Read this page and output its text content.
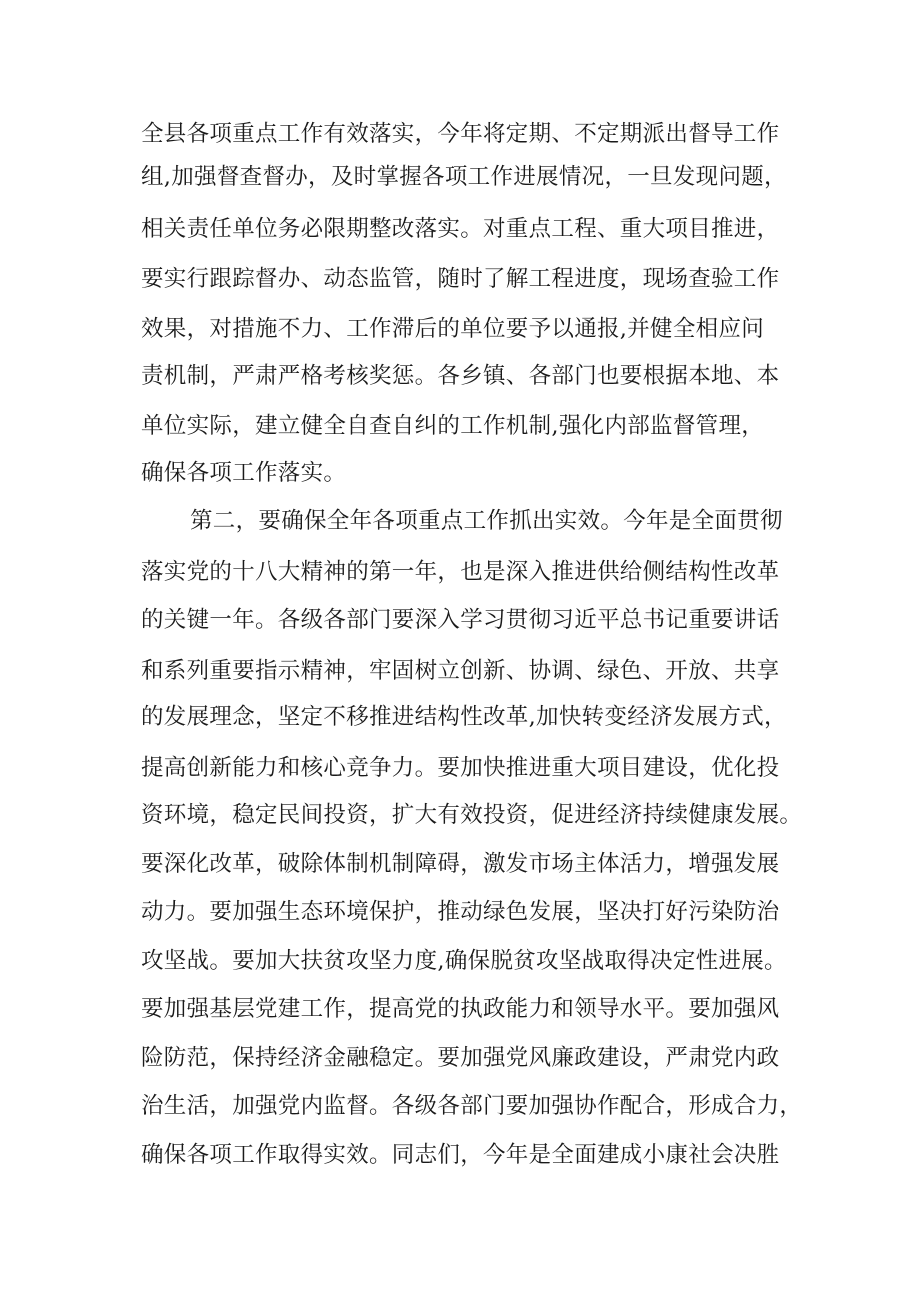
全县各项重点工作有效落实，今年将定期、不定期派出督导工作
组,加强督查督办，及时掌握各项工作进展情况，一旦发现问题，
相关责任单位务必限期整改落实。对重点工程、重大项目推进，
要实行跟踪督办、动态监管，随时了解工程进度，现场查验工作
效果，对措施不力、工作滞后的单位要予以通报,并健全相应问
责机制，严肃严格考核奖惩。各乡镇、各部门也要根据本地、本
单位实际，建立健全自查自纠的工作机制,强化内部监督管理，
确保各项工作落实。
第二，要确保全年各项重点工作抓出实效。今年是全面贯彻
落实党的十八大精神的第一年，也是深入推进供给侧结构性改革
的关键一年。各级各部门要深入学习贯彻习近平总书记重要讲话
和系列重要指示精神，牢固树立创新、协调、绿色、开放、共享
的发展理念，坚定不移推进结构性改革,加快转变经济发展方式，
提高创新能力和核心竞争力。要加快推进重大项目建设，优化投
资环境，稳定民间投资，扩大有效投资，促进经济持续健康发展。
要深化改革，破除体制机制障碍，激发市场主体活力，增强发展
动力。要加强生态环境保护，推动绿色发展，坚决打好污染防治
攻坚战。要加大扶贫攻坚力度,确保脱贫攻坚战取得决定性进展。
要加强基层党建工作，提高党的执政能力和领导水平。要加强风
险防范，保持经济金融稳定。要加强党风廉政建设，严肃党内政
治生活，加强党内监督。各级各部门要加强协作配合，形成合力，
确保各项工作取得实效。同志们，今年是全面建成小康社会决胜
